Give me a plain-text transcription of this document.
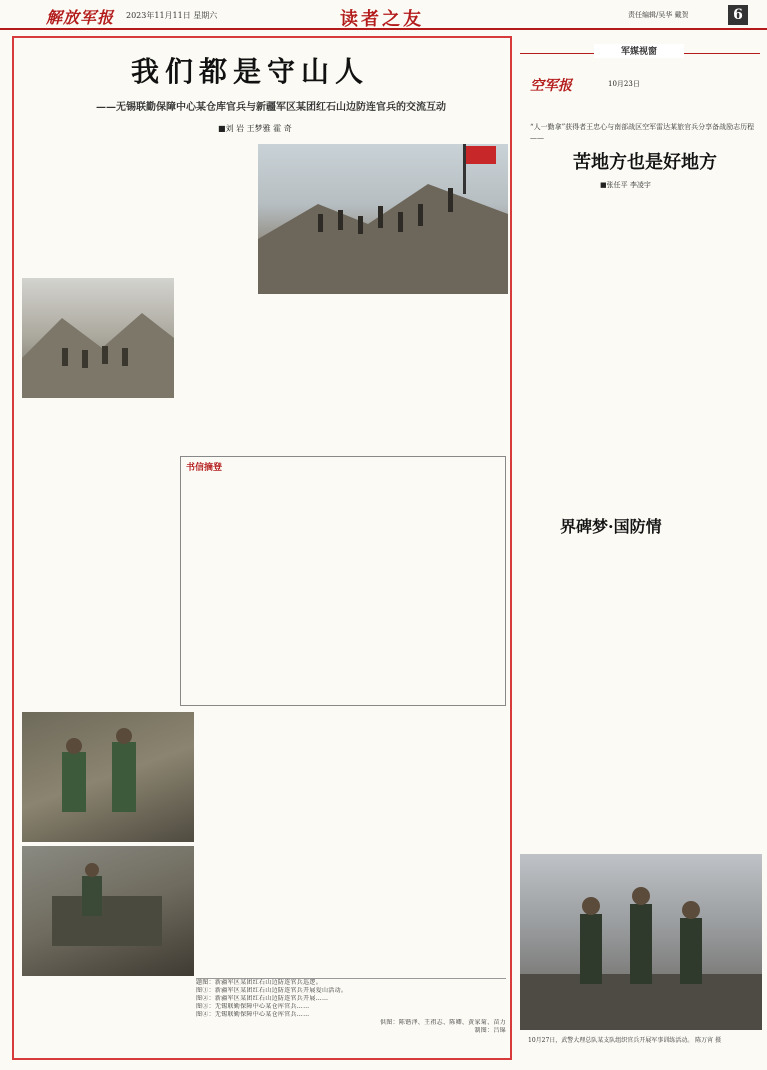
解放军报 2023年11月11日 星期六	读者之友	责任编辑/吴华 戴贺	6
我们都是守山人
——无锡联勤保障中心某仓库官兵与新疆军区某团红石山边防连官兵的交流互动
■刘 岩 王梦雅 霍 奇
书信摘登
题图：新疆军区某团红石山边防连官兵巡逻。
图①：新疆军区某团红石山边防连官兵开展爱山活动。
图②：新疆军区某团红石山边防连官兵开展……
图③：无锡联勤保障中心某仓库官兵……
图④：无锡联勤保障中心某仓库官兵……
供图：陈锴泽、王祖志、陈卿、黄家菊、苗力
制图：吕锦
军媒视窗
空军报	10月23日
“人一勤拿”获得者王忠心与南部战区空军雷达某旅官兵分享备战励志历程——
苦地方也是好地方
■张任平 李凌宇
界碑梦·国防情
10月27日，武警大理总队某支队组织官兵开展军事训练活动。 陈万宵 摄
